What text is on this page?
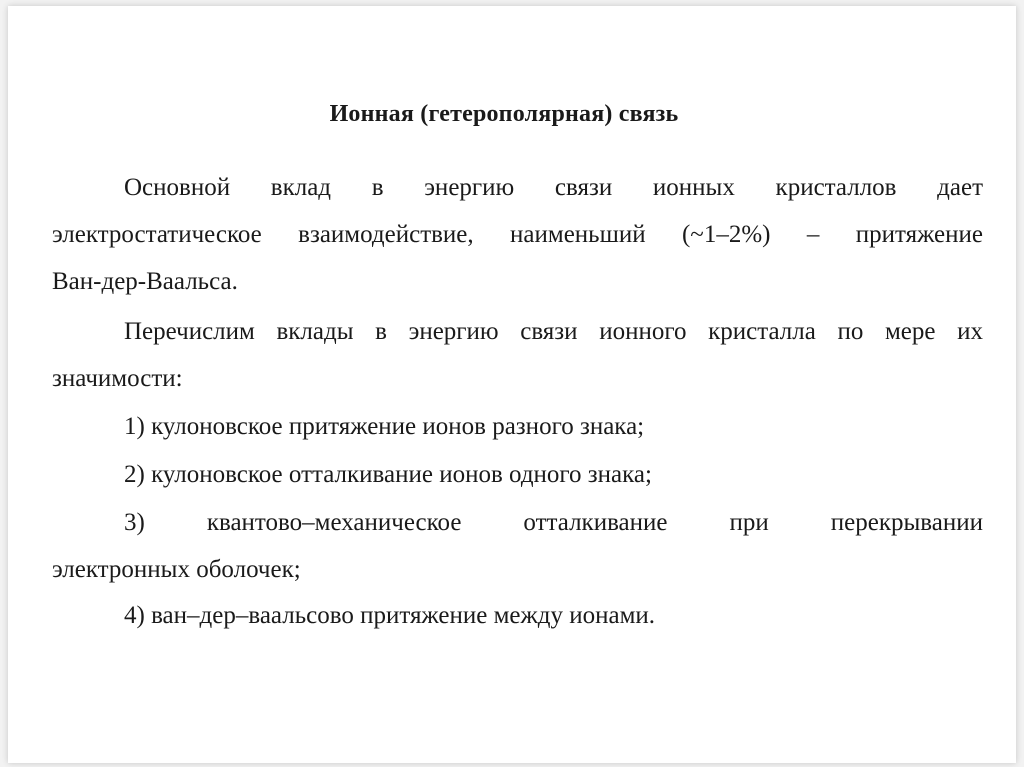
Ионная (гетерополярная) связь
Основной вклад в энергию связи ионных кристаллов дает
электростатическое взаимодействие, наименьший (~1–2%) – притяжение
Ван-дер-Ваальса.
Перечислим вклады в энергию связи ионного кристалла по мере их
значимости:
1) кулоновское притяжение ионов разного знака;
2) кулоновское отталкивание ионов одного знака;
3) квантово–механическое отталкивание при перекрывании
электронных оболочек;
4) ван–дер–ваальсово притяжение между ионами.
